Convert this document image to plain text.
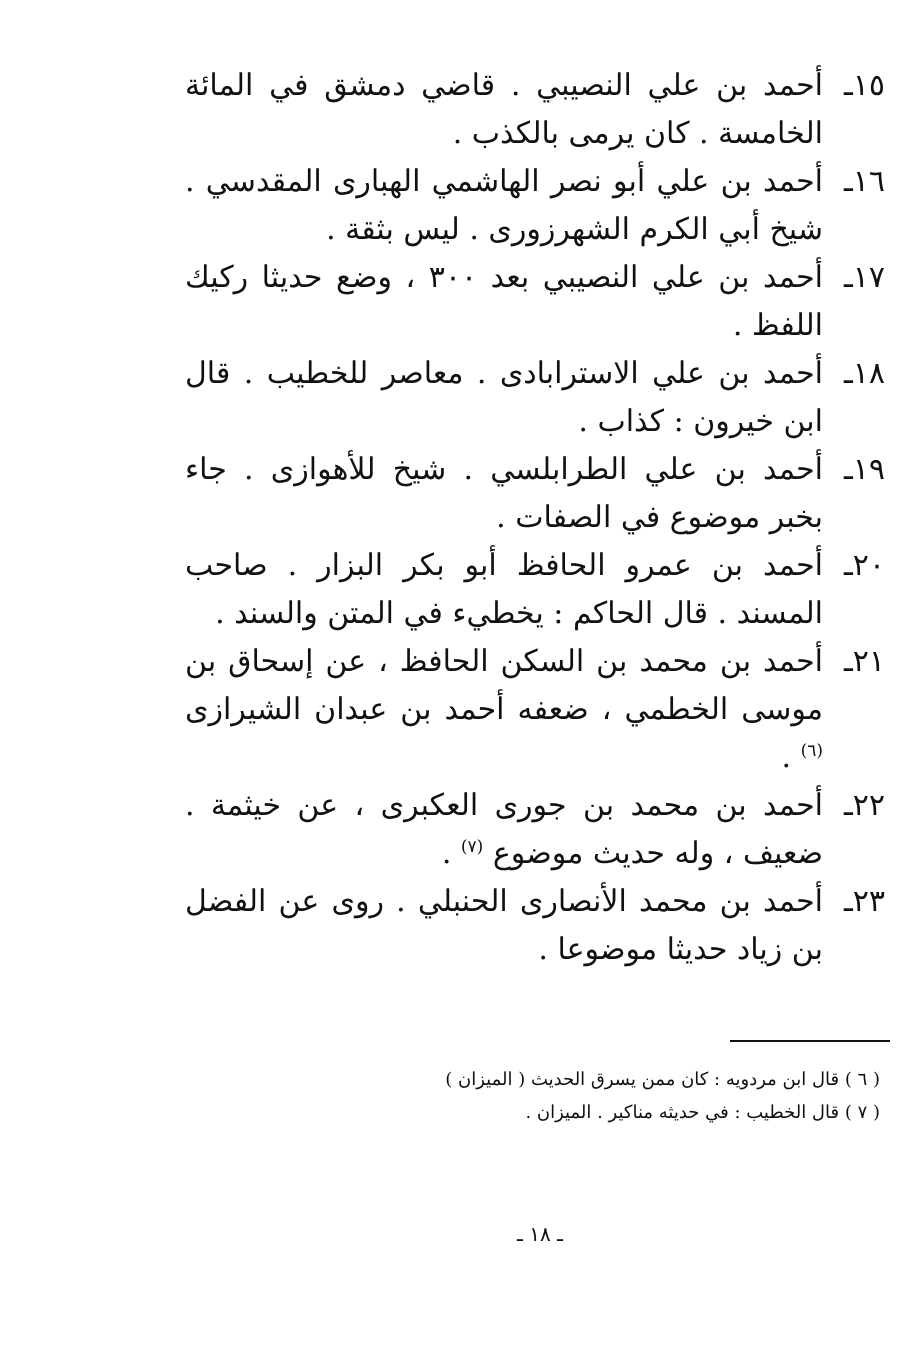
١٥ـ
أحمد بن علي النصيبي . قاضي دمشق في المائة الخامسة . كان يرمى بالكذب .
١٦ـ
أحمد بن علي أبو نصر الهاشمي الهبارى المقدسي . شيخ أبي الكرم الشهرزورى . ليس بثقة .
١٧ـ
أحمد بن علي النصيبي بعد ٣٠٠ ، وضع حديثا ركيك اللفظ .
١٨ـ
أحمد بن علي الاسترابادى . معاصر للخطيب . قال ابن خيرون : كذاب .
١٩ـ
أحمد بن علي الطرابلسي . شيخ للأهوازى . جاء بخبر موضوع في الصفات .
٢٠ـ
أحمد بن عمرو الحافظ أبو بكر البزار . صاحب المسند . قال الحاكم : يخطيء في المتن والسند .
٢١ـ
أحمد بن محمد بن السكن الحافظ ، عن إسحاق بن موسى الخطمي ، ضعفه أحمد بن عبدان الشيرازى $^{(٦)}$ .
٢٢ـ
أحمد بن محمد بن جورى العكبرى ، عن خيثمة . ضعيف ، وله حديث موضوع $^{(٧)}$ .
٢٣ـ
أحمد بن محمد الأنصارى الحنبلي . روى عن الفضل بن زياد حديثا موضوعا .
( ٦ ) قال ابن مردويه : كان ممن يسرق الحديث ( الميزان )
( ٧ ) قال الخطيب : في حديثه مناكير . الميزان .
ـ ١٨ ـ
